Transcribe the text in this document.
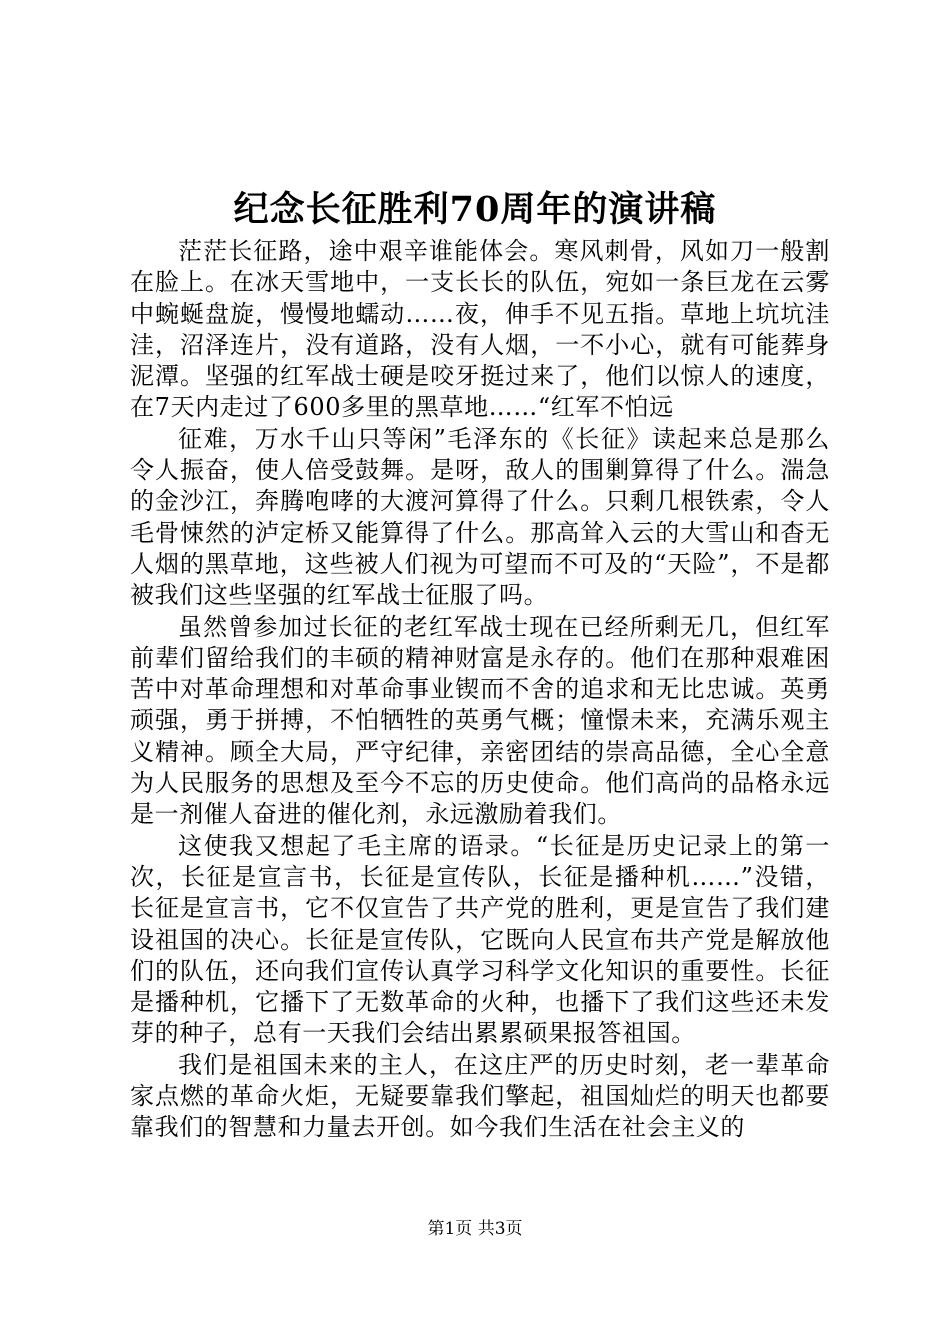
纪念长征胜利70周年的演讲稿

茫茫长征路，途中艰辛谁能体会。寒风刺骨，风如刀一般割在脸上。在冰天雪地中，一支长长的队伍，宛如一条巨龙在云雾中蜿蜒盘旋，慢慢地蠕动……夜，伸手不见五指。草地上坑坑洼洼，沼泽连片，没有道路，没有人烟，一不小心，就有可能葬身泥潭。坚强的红军战士硬是咬牙挺过来了，他们以惊人的速度，在7天内走过了600多里的黑草地……“红军不怕远

征难，万水千山只等闲”毛泽东的《长征》读起来总是那么令人振奋，使人倍受鼓舞。是呀，敌人的围剿算得了什么。湍急的金沙江，奔腾咆哮的大渡河算得了什么。只剩几根铁索，令人毛骨悚然的泸定桥又能算得了什么。那高耸入云的大雪山和杳无人烟的黑草地，这些被人们视为可望而不可及的“天险”，不是都被我们这些坚强的红军战士征服了吗。

虽然曾参加过长征的老红军战士现在已经所剩无几，但红军前辈们留给我们的丰硕的精神财富是永存的。他们在那种艰难困苦中对革命理想和对革命事业锲而不舍的追求和无比忠诚。英勇顽强，勇于拼搏，不怕牺牲的英勇气概；憧憬未来，充满乐观主义精神。顾全大局，严守纪律，亲密团结的崇高品德，全心全意为人民服务的思想及至今不忘的历史使命。他们高尚的品格永远是一剂催人奋进的催化剂，永远激励着我们。

这使我又想起了毛主席的语录。“长征是历史记录上的第一次，长征是宣言书，长征是宣传队，长征是播种机……”没错，长征是宣言书，它不仅宣告了共产党的胜利，更是宣告了我们建设祖国的决心。长征是宣传队，它既向人民宣布共产党是解放他们的队伍，还向我们宣传认真学习科学文化知识的重要性。长征是播种机，它播下了无数革命的火种，也播下了我们这些还未发芽的种子，总有一天我们会结出累累硕果报答祖国。

我们是祖国未来的主人，在这庄严的历史时刻，老一辈革命家点燃的革命火炬，无疑要靠我们擎起，祖国灿烂的明天也都要靠我们的智慧和力量去开创。如今我们生活在社会主义的

第1页 共3页
